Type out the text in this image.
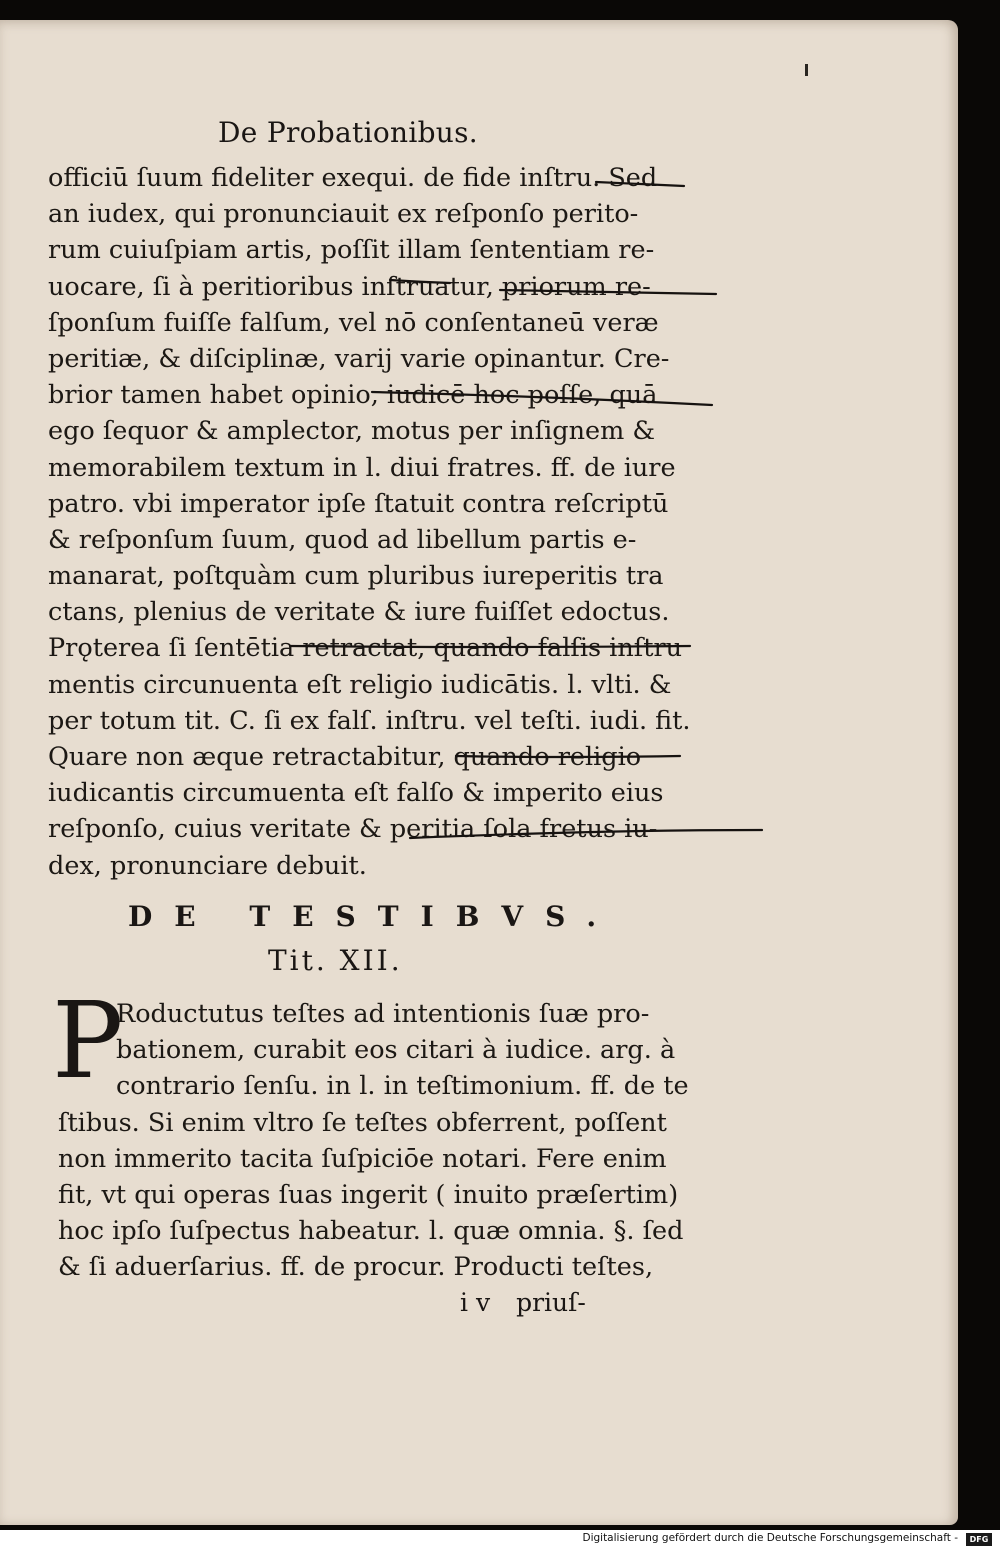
De Probationibus.
officiū ſuum fideliter exequi. de fide inſtru. Sed
an iudex, qui pronunciauit ex reſponſo perito-
rum cuiuſpiam artis, poſſit illam ſententiam re-
uocare, ſi à peritioribus inſtruatur, priorum re-
ſponſum fuiſſe falſum, vel nō conſentaneū veræ
peritiæ, & diſciplinæ, varij varie opinantur. Cre-
brior tamen habet opinio, iudicē hoc poſſe, quā
ego ſequor & amplector, motus per inſignem &
memorabilem textum in l. diui fratres. ff. de iure
patro. vbi imperator ipſe ſtatuit contra reſcriptū
& reſponſum ſuum, quod ad libellum partis e-
manarat, poſtquàm cum pluribus iureperitis tra
ctans, plenius de veritate & iure fuiſſet edoctus.
Prǫterea ſi ſentētia retractat, quando falſis inſtru
mentis circunuenta eſt religio iudicātis. l. vlti. &
per totum tit. C. ſi ex falſ. inſtru. vel teſti. iudi. fit.
Quare non æque retractabitur, quando religio
iudicantis circumuenta eſt falſo & imperito eius
reſponſo, cuius veritate & peritia ſola fretus iu-
dex, pronunciare debuit.
DE TESTIBVS.
Tit. XII.
P
Roductutus teſtes ad intentionis ſuæ pro-
bationem, curabit eos citari à iudice. arg. à
contrario ſenſu. in l. in teſtimonium. ff. de te
ſtibus. Si enim vltro ſe teſtes obferrent, poſſent
non immerito tacita ſuſpiciōe notari. Fere enim
fit, vt qui operas ſuas ingerit ( inuito præſertim)
hoc ipſo ſuſpectus habeatur. l. quæ omnia. §. ſed
& ſi aduerſarius. ff. de procur. Producti teſtes,
i v priuſ-
Digitalisierung gefördert durch die Deutsche Forschungsgemeinschaft -	DFG
